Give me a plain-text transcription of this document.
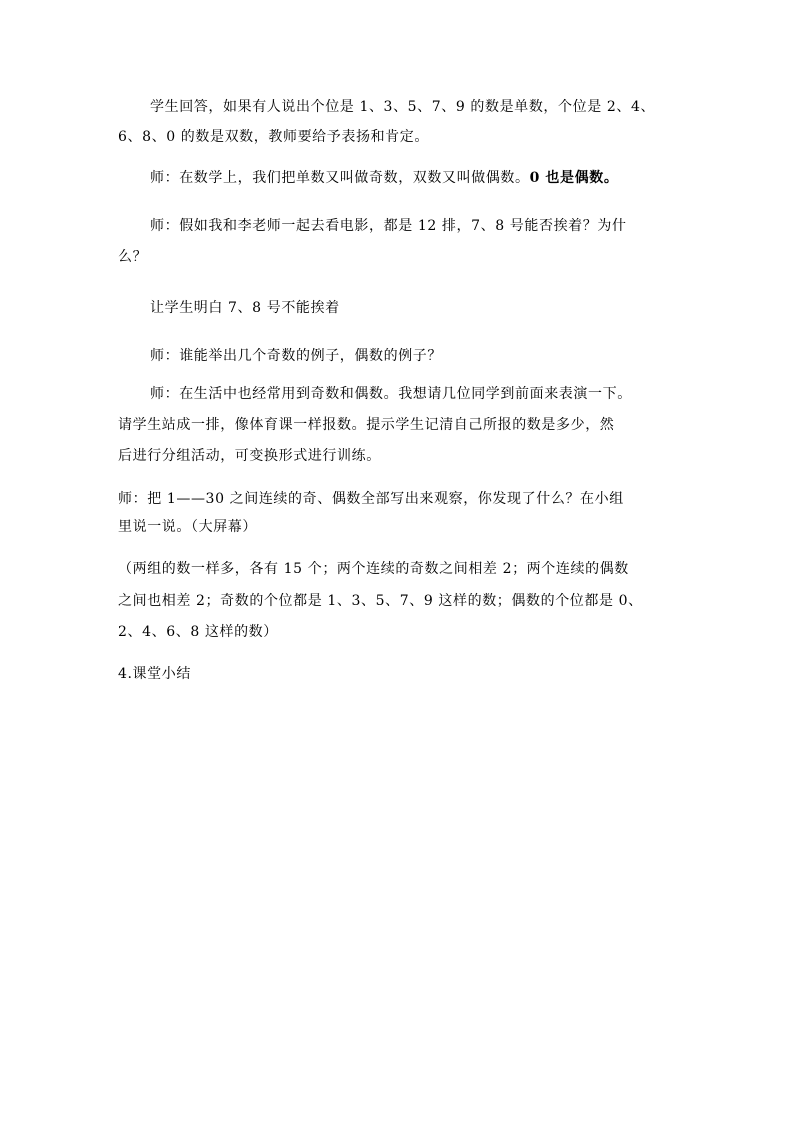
学生回答，如果有人说出个位是 1、3、5、7、9 的数是单数，个位是 2、4、
6、8、0 的数是双数，教师要给予表扬和肯定。
师：在数学上，我们把单数又叫做奇数，双数又叫做偶数。0 也是偶数。
师：假如我和李老师一起去看电影，都是 12 排，7、8 号能否挨着？为什
么？
让学生明白 7、8 号不能挨着
师：谁能举出几个奇数的例子，偶数的例子？
师：在生活中也经常用到奇数和偶数。我想请几位同学到前面来表演一下。
请学生站成一排，像体育课一样报数。提示学生记清自己所报的数是多少，然
后进行分组活动，可变换形式进行训练。
师：把 1——30 之间连续的奇、偶数全部写出来观察，你发现了什么？在小组
里说一说。（大屏幕）
（两组的数一样多，各有 15 个；两个连续的奇数之间相差 2；两个连续的偶数
之间也相差 2；奇数的个位都是 1、3、5、7、9 这样的数；偶数的个位都是 0、
2、4、6、8 这样的数）
4.课堂小结
